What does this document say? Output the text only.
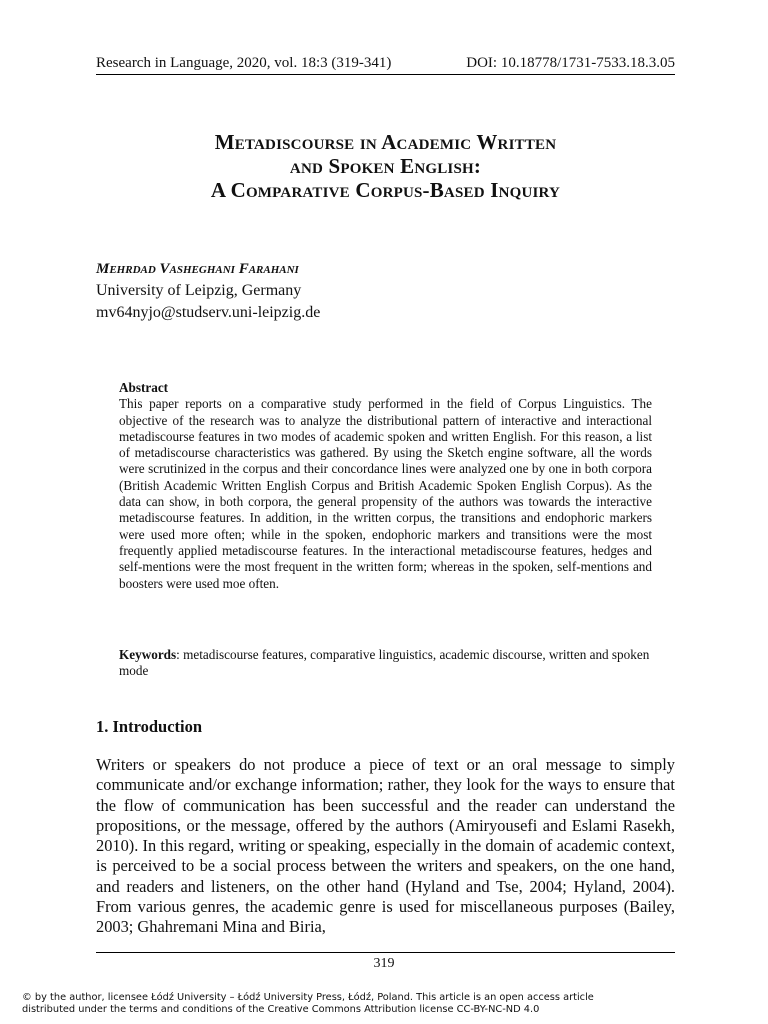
Research in Language, 2020, vol. 18:3 (319-341)	DOI: 10.18778/1731-7533.18.3.05
Metadiscourse in Academic Written
and Spoken English:
A Comparative Corpus-Based Inquiry
Mehrdad Vasheghani Farahani
University of Leipzig, Germany
mv64nyjo@studserv.uni-leipzig.de
Abstract
This paper reports on a comparative study performed in the field of Corpus Linguistics. The objective of the research was to analyze the distributional pattern of interactive and interactional metadiscourse features in two modes of academic spoken and written English. For this reason, a list of metadiscourse characteristics was gathered. By using the Sketch engine software, all the words were scrutinized in the corpus and their concordance lines were analyzed one by one in both corpora (British Academic Written English Corpus and British Academic Spoken English Corpus). As the data can show, in both corpora, the general propensity of the authors was towards the interactive metadiscourse features. In addition, in the written corpus, the transitions and endophoric markers were used more often; while in the spoken, endophoric markers and transitions were the most frequently applied metadiscourse features. In the interactional metadiscourse features, hedges and self-mentions were the most frequent in the written form; whereas in the spoken, self-mentions and boosters were used moe often.
Keywords: metadiscourse features, comparative linguistics, academic discourse, written and spoken mode
1. Introduction
Writers or speakers do not produce a piece of text or an oral message to simply communicate and/or exchange information; rather, they look for the ways to ensure that the flow of communication has been successful and the reader can understand the propositions, or the message, offered by the authors (Amiryousefi and Eslami Rasekh, 2010). In this regard, writing or speaking, especially in the domain of academic context, is perceived to be a social process between the writers and speakers, on the one hand, and readers and listeners, on the other hand (Hyland and Tse, 2004; Hyland, 2004). From various genres, the academic genre is used for miscellaneous purposes (Bailey, 2003; Ghahremani Mina and Biria,
319
© by the author, licensee Łódź University – Łódź University Press, Łódź, Poland. This article is an open access article
distributed under the terms and conditions of the Creative Commons Attribution license CC-BY-NC-ND 4.0
